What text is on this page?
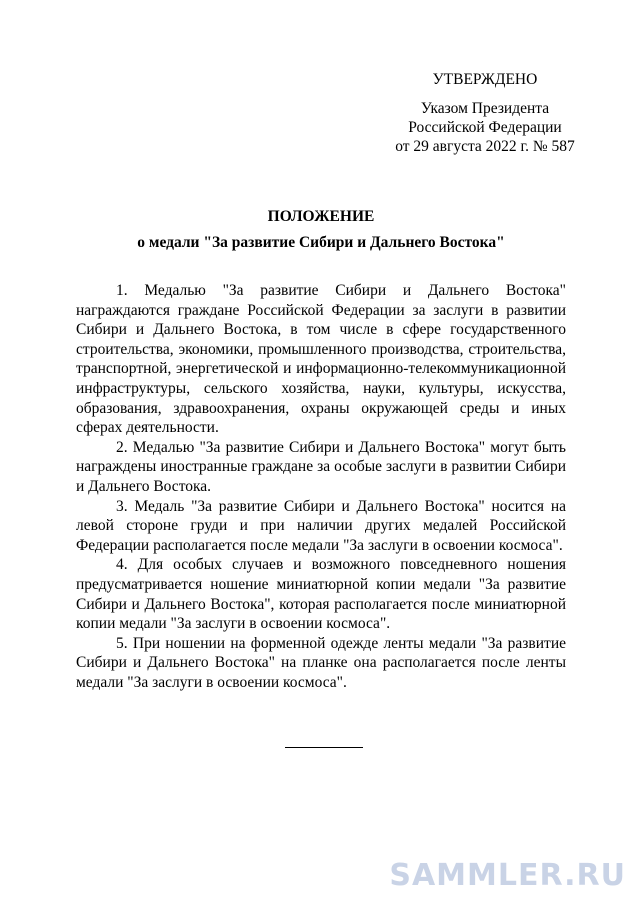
УТВЕРЖДЕНО
Указом Президента
Российской Федерации
от 29 августа 2022 г. № 587
ПОЛОЖЕНИЕ
о медали "За развитие Сибири и Дальнего Востока"

1. Медалью "За развитие Сибири и Дальнего Востока" награждаются граждане Российской Федерации за заслуги в развитии Сибири и Дальнего Востока, в том числе в сфере государственного строительства, экономики, промышленного производства, строительства, транспортной, энергетической и информационно-телекоммуникационной инфраструктуры, сельского хозяйства, науки, культуры, искусства, образования, здравоохранения, охраны окружающей среды и иных сферах деятельности.

2. Медалью "За развитие Сибири и Дальнего Востока" могут быть награждены иностранные граждане за особые заслуги в развитии Сибири и Дальнего Востока.

3. Медаль "За развитие Сибири и Дальнего Востока" носится на левой стороне груди и при наличии других медалей Российской Федерации располагается после медали "За заслуги в освоении космоса".

4. Для особых случаев и возможного повседневного ношения предусматривается ношение миниатюрной копии медали "За развитие Сибири и Дальнего Востока", которая располагается после миниатюрной копии медали "За заслуги в освоении космоса".

5. При ношении на форменной одежде ленты медали "За развитие Сибири и Дальнего Востока" на планке она располагается после ленты медали "За заслуги в освоении космоса".

SAMMLER.RU
